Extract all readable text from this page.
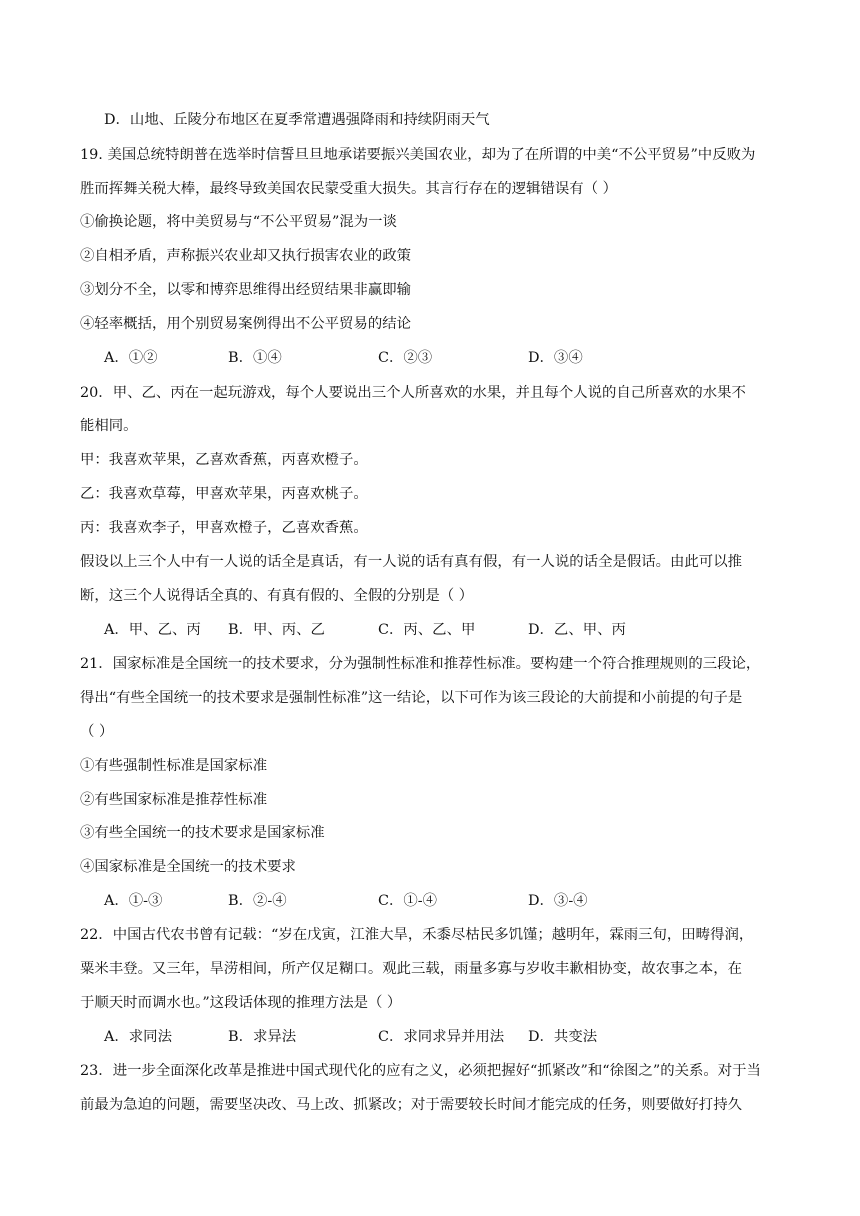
D．山地、丘陵分布地区在夏季常遭遇强降雨和持续阴雨天气
19. 美国总统特朗普在选举时信誓旦旦地承诺要振兴美国农业，却为了在所谓的中美“不公平贸易”中反败为
胜而挥舞关税大棒，最终导致美国农民蒙受重大损失。其言行存在的逻辑错误有（ ）
①偷换论题，将中美贸易与“不公平贸易”混为一谈
②自相矛盾，声称振兴农业却又执行损害农业的政策
③划分不全，以零和博弈思维得出经贸结果非赢即输
④轻率概括，用个别贸易案例得出不公平贸易的结论
A．①②	B．①④	C．②③	D．③④
20．甲、乙、丙在一起玩游戏，每个人要说出三个人所喜欢的水果，并且每个人说的自己所喜欢的水果不
能相同。
甲：我喜欢苹果，乙喜欢香蕉，丙喜欢橙子。
乙：我喜欢草莓，甲喜欢苹果，丙喜欢桃子。
丙：我喜欢李子，甲喜欢橙子，乙喜欢香蕉。
假设以上三个人中有一人说的话全是真话，有一人说的话有真有假，有一人说的话全是假话。由此可以推
断，这三个人说得话全真的、有真有假的、全假的分别是（ ）
A．甲、乙、丙 B．甲、丙、乙	C．丙、乙、甲	D．乙、甲、丙
21．国家标准是全国统一的技术要求，分为强制性标准和推荐性标准。要构建一个符合推理规则的三段论，
得出“有些全国统一的技术要求是强制性标准”这一结论，以下可作为该三段论的大前提和小前提的句子是
（ ）
①有些强制性标准是国家标准
②有些国家标准是推荐性标准
③有些全国统一的技术要求是国家标准
④国家标准是全国统一的技术要求
A．①-③	B．②-④	C．①-④	D．③-④
22．中国古代农书曾有记载：“岁在戊寅，江淮大旱，禾黍尽枯民多饥馑；越明年，霖雨三旬，田畴得润，
粟米丰登。又三年，旱涝相间，所产仅足糊口。观此三载，雨量多寡与岁收丰歉相协变，故农事之本，在
于顺天时而调水也。”这段话体现的推理方法是（ ）
A．求同法	B．求异法	C．求同求异并用法 D．共变法
23．进一步全面深化改革是推进中国式现代化的应有之义，必须把握好“抓紧改”和“徐图之”的关系。对于当
前最为急迫的问题，需要坚决改、马上改、抓紧改；对于需要较长时间才能完成的任务，则要做好打持久
